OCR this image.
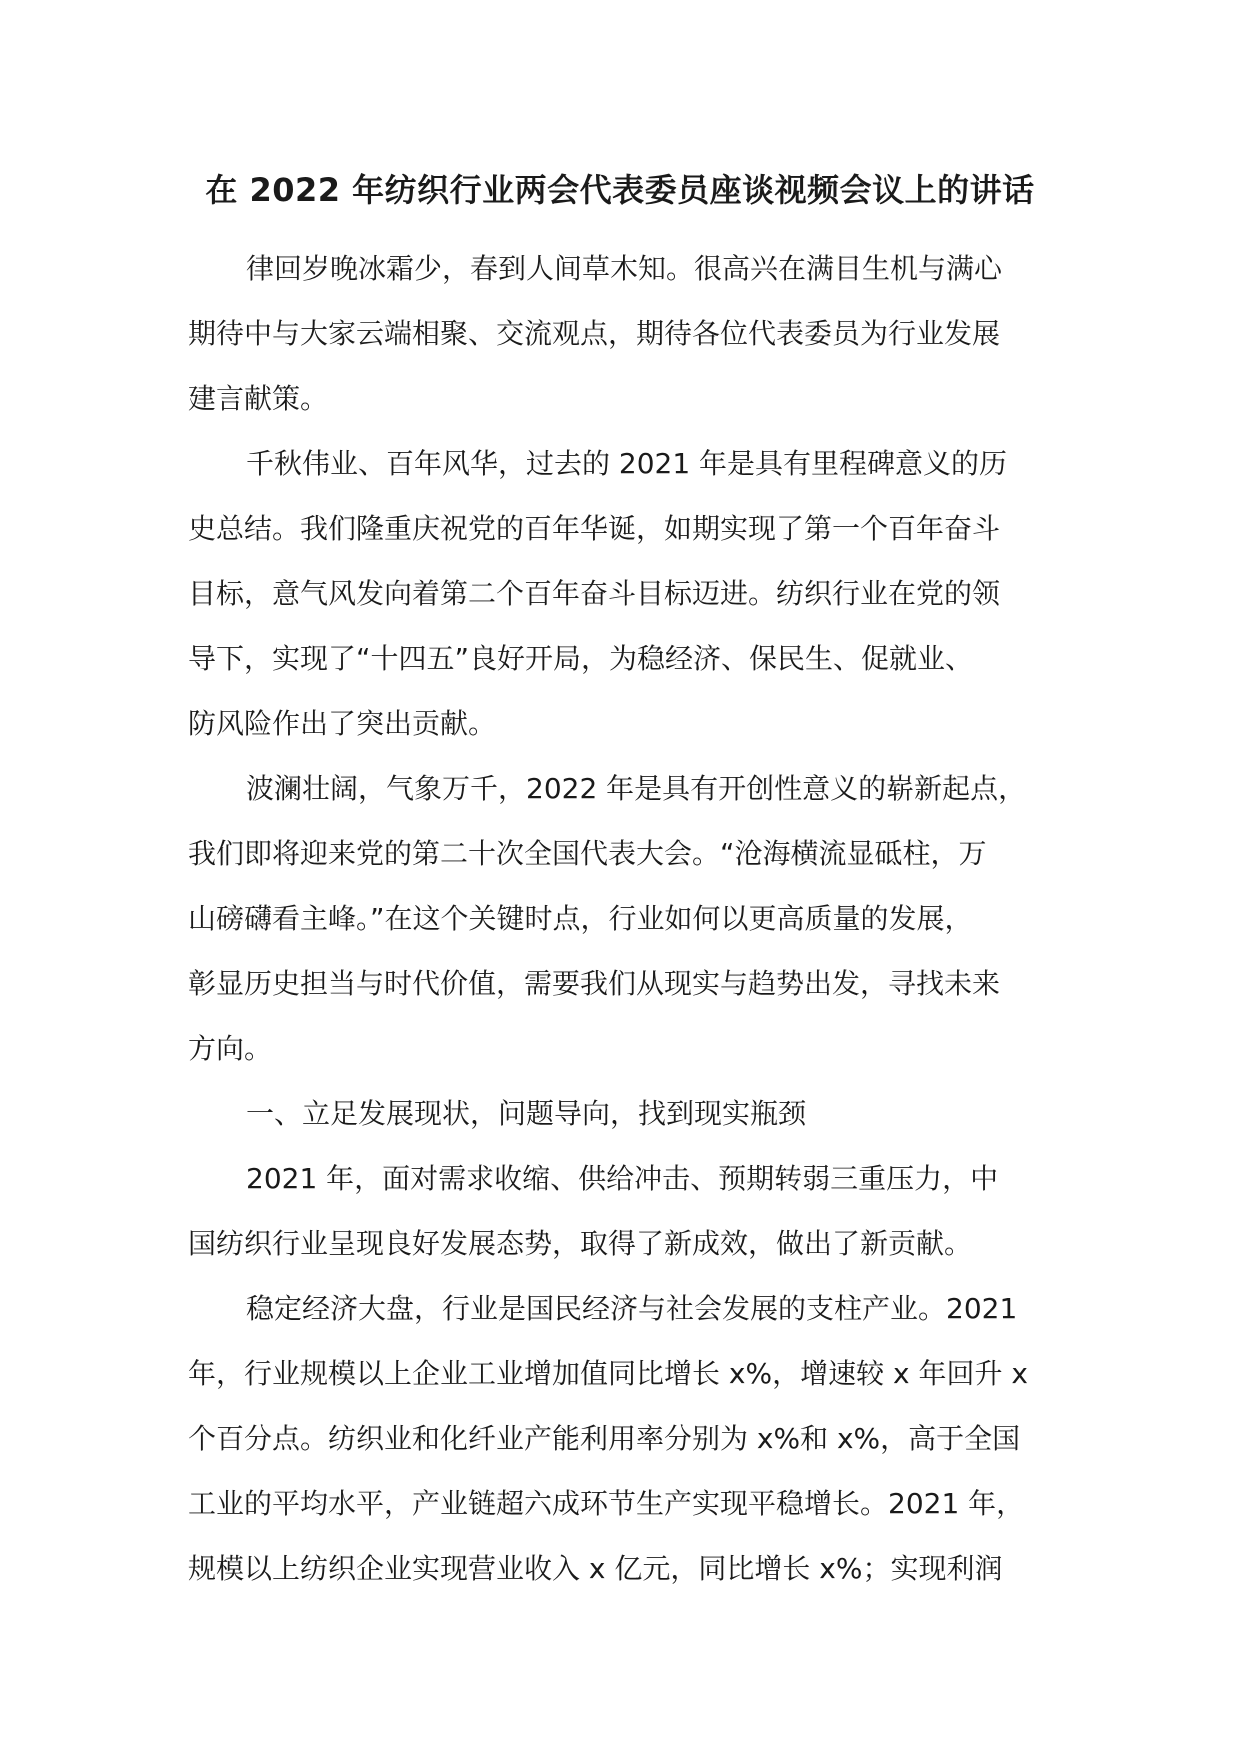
在 2022 年纺织行业两会代表委员座谈视频会议上的讲话
律回岁晚冰霜少，春到人间草木知。很高兴在满目生机与满心
期待中与大家云端相聚、交流观点，期待各位代表委员为行业发展
建言献策。
千秋伟业、百年风华，过去的 2021 年是具有里程碑意义的历
史总结。我们隆重庆祝党的百年华诞，如期实现了第一个百年奋斗
目标，意气风发向着第二个百年奋斗目标迈进。纺织行业在党的领
导下，实现了“十四五”良好开局，为稳经济、保民生、促就业、
防风险作出了突出贡献。
波澜壮阔，气象万千，2022 年是具有开创性意义的崭新起点，
我们即将迎来党的第二十次全国代表大会。“沧海横流显砥柱，万
山磅礴看主峰。”在这个关键时点，行业如何以更高质量的发展，
彰显历史担当与时代价值，需要我们从现实与趋势出发，寻找未来
方向。
一、立足发展现状，问题导向，找到现实瓶颈
2021 年，面对需求收缩、供给冲击、预期转弱三重压力，中
国纺织行业呈现良好发展态势，取得了新成效，做出了新贡献。
稳定经济大盘，行业是国民经济与社会发展的支柱产业。2021
年，行业规模以上企业工业增加值同比增长 x%，增速较 x 年回升 x
个百分点。纺织业和化纤业产能利用率分别为 x%和 x%，高于全国
工业的平均水平，产业链超六成环节生产实现平稳增长。2021 年，
规模以上纺织企业实现营业收入 x 亿元，同比增长 x%；实现利润
